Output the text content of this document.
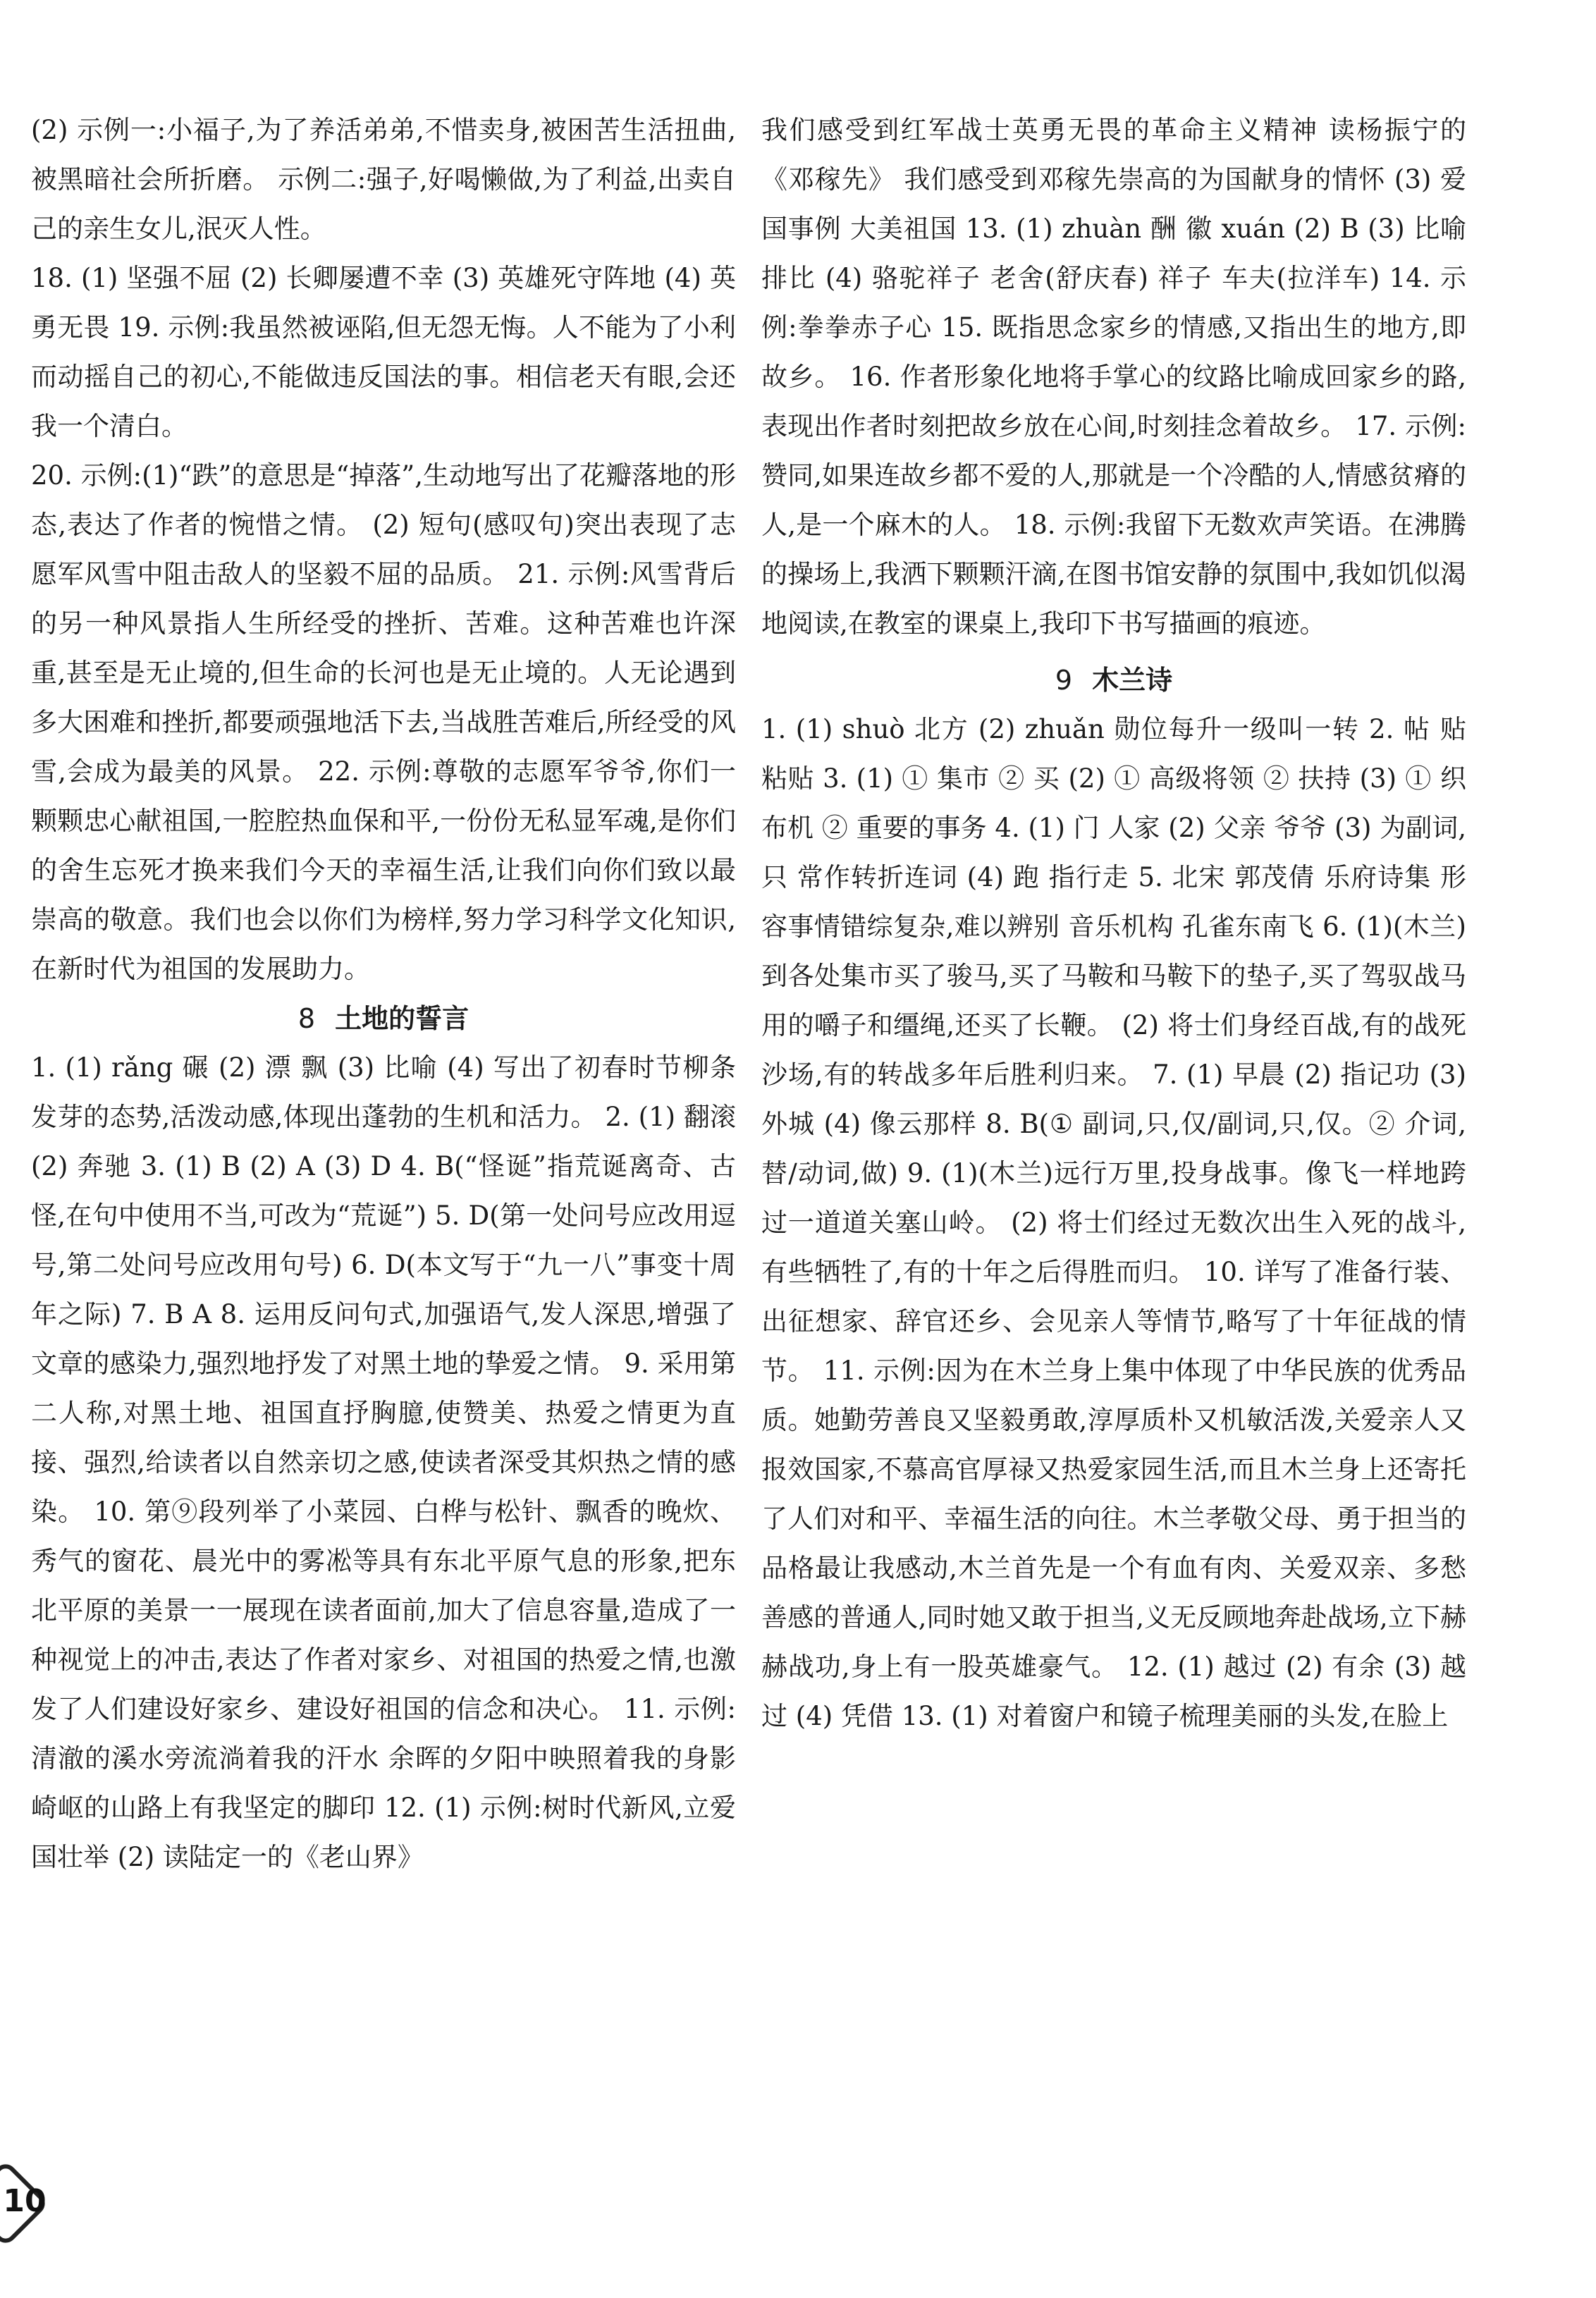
(2) 示例一:小福子,为了养活弟弟,不惜卖身,被困苦生活扭曲,被黑暗社会所折磨。 示例二:强子,好喝懒做,为了利益,出卖自己的亲生女儿,泯灭人性。

18. (1) 坚强不屈 (2) 长卿屡遭不幸 (3) 英雄死守阵地 (4) 英勇无畏 19. 示例:我虽然被诬陷,但无怨无悔。人不能为了小利而动摇自己的初心,不能做违反国法的事。相信老天有眼,会还我一个清白。

20. 示例:(1)“跌”的意思是“掉落”,生动地写出了花瓣落地的形态,表达了作者的惋惜之情。 (2) 短句(感叹句)突出表现了志愿军风雪中阻击敌人的坚毅不屈的品质。 21. 示例:风雪背后的另一种风景指人生所经受的挫折、苦难。这种苦难也许深重,甚至是无止境的,但生命的长河也是无止境的。人无论遇到多大困难和挫折,都要顽强地活下去,当战胜苦难后,所经受的风雪,会成为最美的风景。 22. 示例:尊敬的志愿军爷爷,你们一颗颗忠心献祖国,一腔腔热血保和平,一份份无私显军魂,是你们的舍生忘死才换来我们今天的幸福生活,让我们向你们致以最崇高的敬意。我们也会以你们为榜样,努力学习科学文化知识,在新时代为祖国的发展助力。

8 土地的誓言

1. (1) rǎng 碾 (2) 漂 飘 (3) 比喻 (4) 写出了初春时节柳条发芽的态势,活泼动感,体现出蓬勃的生机和活力。 2. (1) 翻滚 (2) 奔驰 3. (1) B (2) A (3) D 4. B(“怪诞”指荒诞离奇、古怪,在句中使用不当,可改为“荒诞”) 5. D(第一处问号应改用逗号,第二处问号应改用句号) 6. D(本文写于“九一八”事变十周年之际) 7. B A 8. 运用反问句式,加强语气,发人深思,增强了文章的感染力,强烈地抒发了对黑土地的挚爱之情。 9. 采用第二人称,对黑土地、祖国直抒胸臆,使赞美、热爱之情更为直接、强烈,给读者以自然亲切之感,使读者深受其炽热之情的感染。 10. 第⑨段列举了小菜园、白桦与松针、飘香的晚炊、秀气的窗花、晨光中的雾凇等具有东北平原气息的形象,把东北平原的美景一一展现在读者面前,加大了信息容量,造成了一种视觉上的冲击,表达了作者对家乡、对祖国的热爱之情,也激发了人们建设好家乡、建设好祖国的信念和决心。 11. 示例:清澈的溪水旁流淌着我的汗水 余晖的夕阳中映照着我的身影 崎岖的山路上有我坚定的脚印 12. (1) 示例:树时代新风,立爱国壮举 (2) 读陆定一的《老山界》

我们感受到红军战士英勇无畏的革命主义精神 读杨振宁的《邓稼先》 我们感受到邓稼先崇高的为国献身的情怀 (3) 爱国事例 大美祖国 13. (1) zhuàn 酬 徽 xuán (2) B (3) 比喻 排比 (4) 骆驼祥子 老舍(舒庆春) 祥子 车夫(拉洋车) 14. 示例:拳拳赤子心 15. 既指思念家乡的情感,又指出生的地方,即故乡。 16. 作者形象化地将手掌心的纹路比喻成回家乡的路,表现出作者时刻把故乡放在心间,时刻挂念着故乡。 17. 示例:赞同,如果连故乡都不爱的人,那就是一个冷酷的人,情感贫瘠的人,是一个麻木的人。 18. 示例:我留下无数欢声笑语。在沸腾的操场上,我洒下颗颗汗滴,在图书馆安静的氛围中,我如饥似渴地阅读,在教室的课桌上,我印下书写描画的痕迹。

9 木兰诗

1. (1) shuò 北方 (2) zhuǎn 勋位每升一级叫一转 2. 帖 贴 粘贴 3. (1) ① 集市 ② 买 (2) ① 高级将领 ② 扶持 (3) ① 织布机 ② 重要的事务 4. (1) 门 人家 (2) 父亲 爷爷 (3) 为副词,只 常作转折连词 (4) 跑 指行走 5. 北宋 郭茂倩 乐府诗集 形容事情错综复杂,难以辨别 音乐机构 孔雀东南飞 6. (1)(木兰)到各处集市买了骏马,买了马鞍和马鞍下的垫子,买了驾驭战马用的嚼子和缰绳,还买了长鞭。 (2) 将士们身经百战,有的战死沙场,有的转战多年后胜利归来。 7. (1) 早晨 (2) 指记功 (3) 外城 (4) 像云那样 8. B(① 副词,只,仅/副词,只,仅。② 介词,替/动词,做) 9. (1)(木兰)远行万里,投身战事。像飞一样地跨过一道道关塞山岭。 (2) 将士们经过无数次出生入死的战斗,有些牺牲了,有的十年之后得胜而归。 10. 详写了准备行装、出征想家、辞官还乡、会见亲人等情节,略写了十年征战的情节。 11. 示例:因为在木兰身上集中体现了中华民族的优秀品质。她勤劳善良又坚毅勇敢,淳厚质朴又机敏活泼,关爱亲人又报效国家,不慕高官厚禄又热爱家园生活,而且木兰身上还寄托了人们对和平、幸福生活的向往。木兰孝敬父母、勇于担当的品格最让我感动,木兰首先是一个有血有肉、关爱双亲、多愁善感的普通人,同时她又敢于担当,义无反顾地奔赴战场,立下赫赫战功,身上有一股英雄豪气。 12. (1) 越过 (2) 有余 (3) 越过 (4) 凭借 13. (1) 对着窗户和镜子梳理美丽的头发,在脸上

10
